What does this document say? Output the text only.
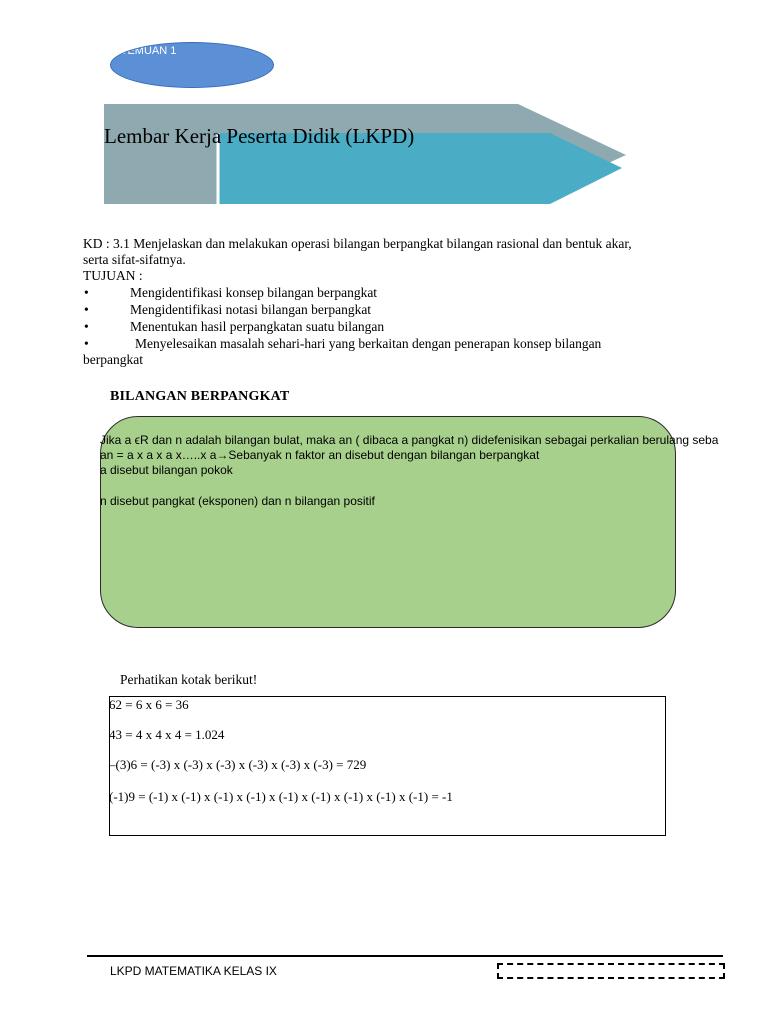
RTEMUAN 1
Lembar Kerja Peserta Didik (LKPD)
KD : 3.1 Menjelaskan dan melakukan operasi bilangan berpangkat bilangan rasional dan bentuk akar,
serta sifat-sifatnya.
TUJUAN :
•	Mengidentifikasi konsep bilangan berpangkat
•	Mengidentifikasi notasi bilangan berpangkat
•	Menentukan hasil perpangkatan suatu bilangan
•	Menyelesaikan masalah sehari-hari yang berkaitan dengan penerapan konsep bilangan
berpangkat
BILANGAN BERPANGKAT
Jika a ϵR dan n adalah bilangan bulat, maka an ( dibaca a pangkat n) didefenisikan sebagai perkalian berulang seba
an = a x a x a x…..x a→Sebanyak n faktor an disebut dengan bilangan berpangkat
a disebut bilangan pokok
n disebut pangkat (eksponen) dan n bilangan positif
Perhatikan kotak berikut!
62 = 6 x 6 = 36
43 = 4 x 4 x 4 = 1.024
–(3)6 = (-3) x (-3) x (-3) x (-3) x (-3) x (-3) = 729
(-1)9 = (-1) x (-1) x (-1) x (-1) x (-1) x (-1) x (-1) x (-1) x (-1) = -1
LKPD MATEMATIKA KELAS IX
